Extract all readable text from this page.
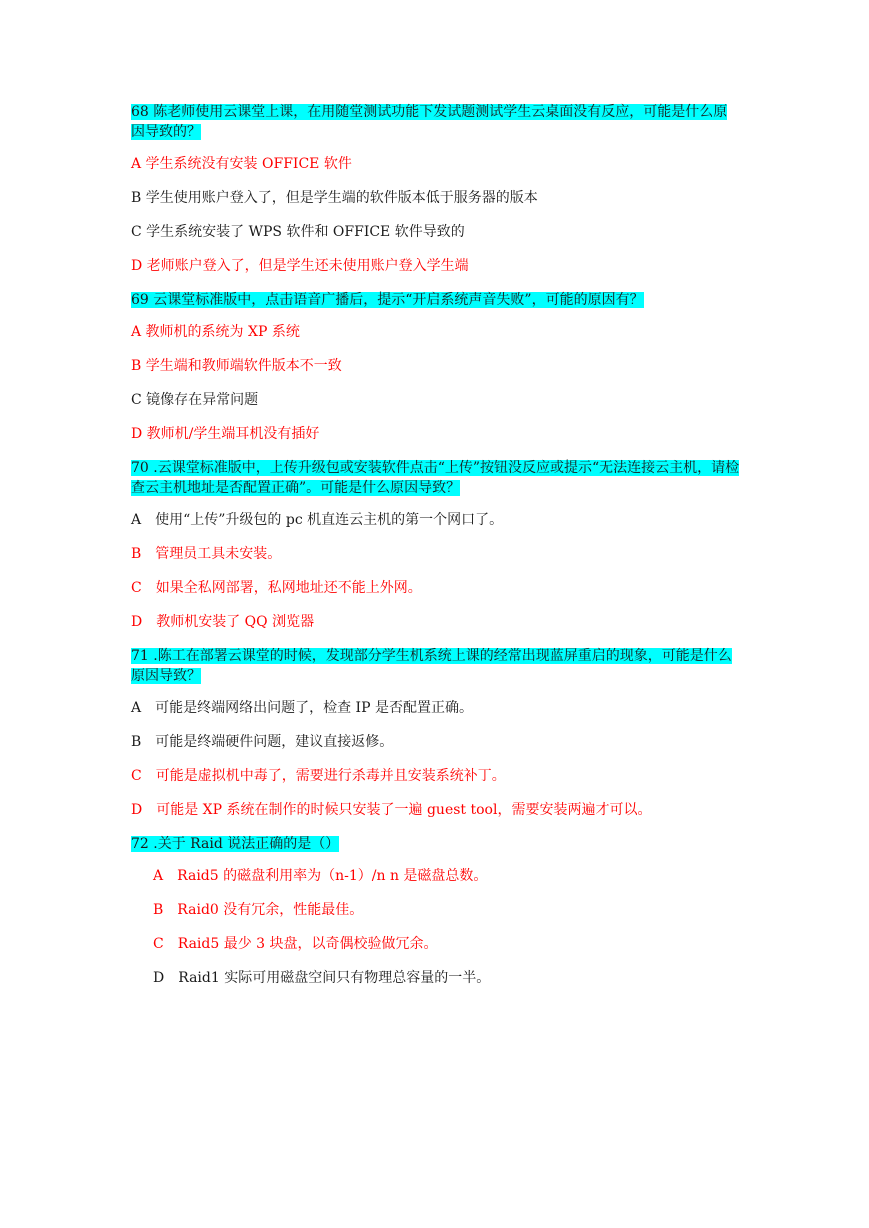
68 陈老师使用云课堂上课，在用随堂测试功能下发试题测试学生云桌面没有反应，可能是什么原因导致的？

A 学生系统没有安装 OFFICE 软件

B 学生使用账户登入了，但是学生端的软件版本低于服务器的版本

C 学生系统安装了 WPS 软件和 OFFICE 软件导致的

D 老师账户登入了，但是学生还未使用账户登入学生端

69 云课堂标准版中，点击语音广播后，提示“开启系统声音失败”，可能的原因有？

A 教师机的系统为 XP 系统

B 学生端和教师端软件版本不一致

C 镜像存在异常问题

D 教师机/学生端耳机没有插好

70 .云课堂标准版中，上传升级包或安装软件点击“上传”按钮没反应或提示“无法连接云主机，请检查云主机地址是否配置正确”。可能是什么原因导致？

A　使用“上传”升级包的 pc 机直连云主机的第一个网口了。

B　管理员工具未安装。

C　如果全私网部署，私网地址还不能上外网。

D　教师机安装了 QQ 浏览器

71 .陈工在部署云课堂的时候，发现部分学生机系统上课的经常出现蓝屏重启的现象，可能是什么原因导致？

A　可能是终端网络出问题了，检查 IP 是否配置正确。

B　可能是终端硬件问题，建议直接返修。

C　可能是虚拟机中毒了，需要进行杀毒并且安装系统补丁。

D　可能是 XP 系统在制作的时候只安装了一遍 guest tool，需要安装两遍才可以。

72 .关于 Raid 说法正确的是（）

A　Raid5 的磁盘利用率为（n-1）/n n 是磁盘总数。

B　Raid0 没有冗余，性能最佳。

C　Raid5 最少 3 块盘，以奇偶校验做冗余。

D　Raid1 实际可用磁盘空间只有物理总容量的一半。
